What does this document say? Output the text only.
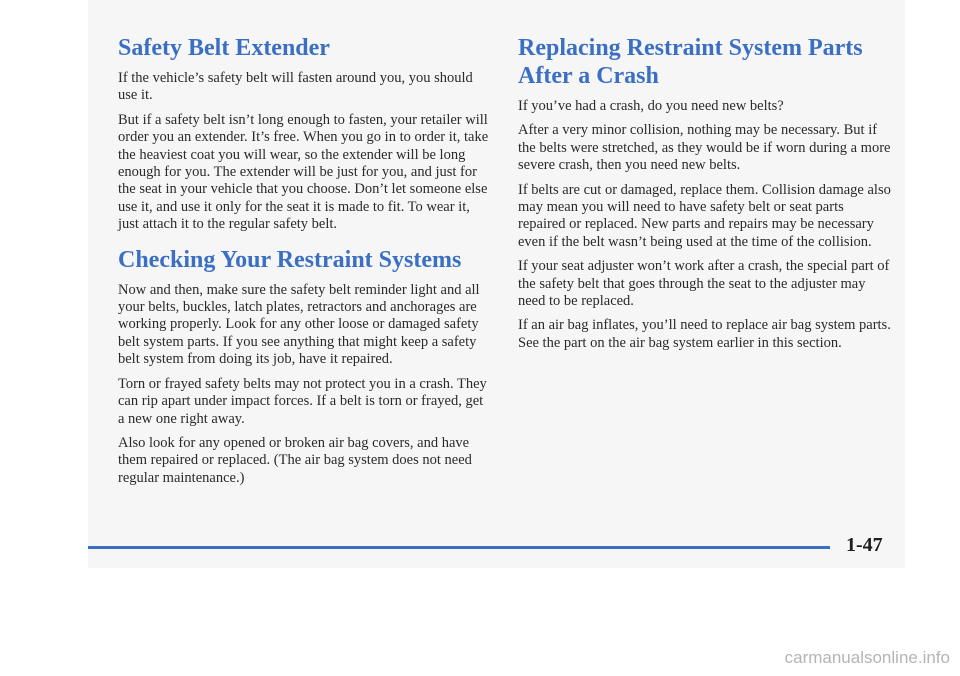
Safety Belt Extender

If the vehicle’s safety belt will fasten around you, you should use it.

But if a safety belt isn’t long enough to fasten, your retailer will order you an extender. It’s free. When you go in to order it, take the heaviest coat you will wear, so the extender will be long enough for you. The extender will be just for you, and just for the seat in your vehicle that you choose. Don’t let someone else use it, and use it only for the seat it is made to fit. To wear it, just attach it to the regular safety belt.

Checking Your Restraint Systems

Now and then, make sure the safety belt reminder light and all your belts, buckles, latch plates, retractors and anchorages are working properly. Look for any other loose or damaged safety belt system parts. If you see anything that might keep a safety belt system from doing its job, have it repaired.

Torn or frayed safety belts may not protect you in a crash. They can rip apart under impact forces. If a belt is torn or frayed, get a new one right away.

Also look for any opened or broken air bag covers, and have them repaired or replaced. (The air bag system does not need regular maintenance.)

Replacing Restraint System Parts After a Crash

If you’ve had a crash, do you need new belts?

After a very minor collision, nothing may be necessary. But if the belts were stretched, as they would be if worn during a more severe crash, then you need new belts.

If belts are cut or damaged, replace them. Collision damage also may mean you will need to have safety belt or seat parts repaired or replaced. New parts and repairs may be necessary even if the belt wasn’t being used at the time of the collision.

If your seat adjuster won’t work after a crash, the special part of the safety belt that goes through the seat to the adjuster may need to be replaced.

If an air bag inflates, you’ll need to replace air bag system parts. See the part on the air bag system earlier in this section.

1-47
carmanualsonline.info
